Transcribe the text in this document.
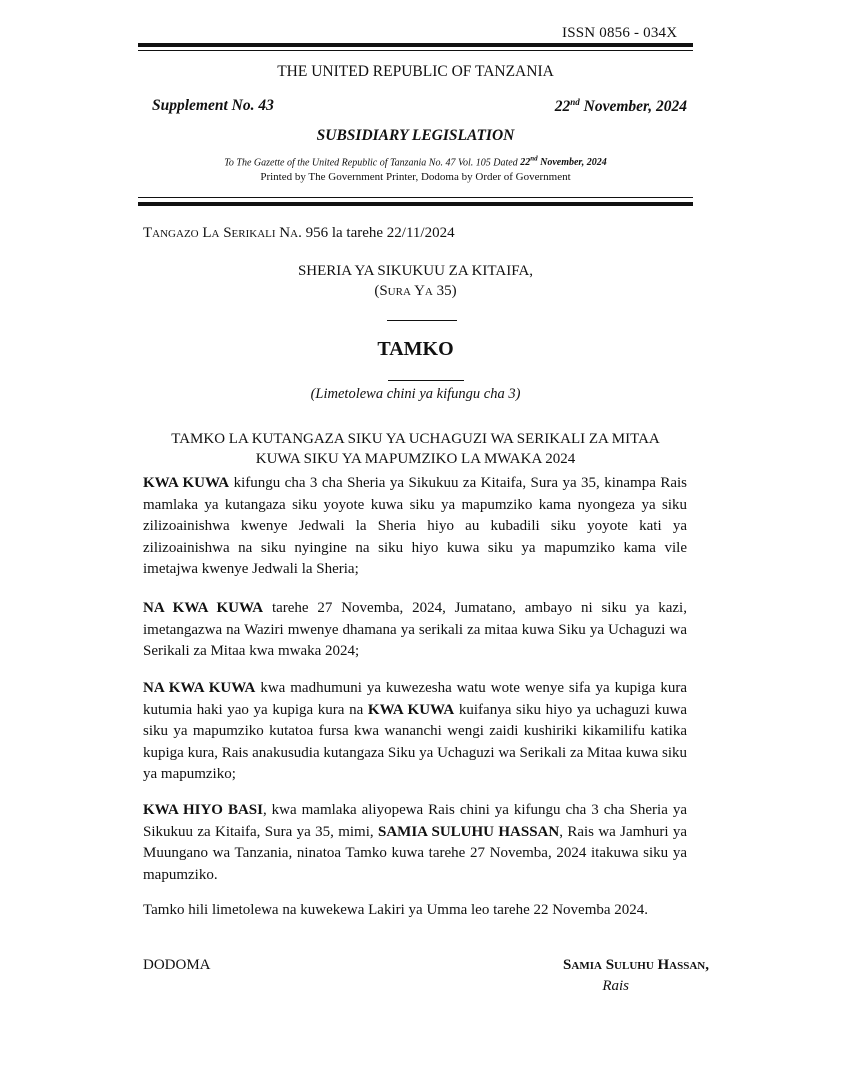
ISSN 0856 - 034X
THE UNITED REPUBLIC OF TANZANIA
Supplement No. 43	22nd November, 2024
SUBSIDIARY LEGISLATION
To The Gazette of the United Republic of Tanzania No. 47 Vol. 105 Dated 22nd November, 2024
Printed by The Government Printer, Dodoma by Order of Government
Tangazo La Serikali Na. 956 la tarehe 22/11/2024
SHERIA YA SIKUKUU ZA KITAIFA,
(Sura Ya 35)
TAMKO
(Limetolewa chini ya kifungu cha 3)
TAMKO LA KUTANGAZA SIKU YA UCHAGUZI WA SERIKALI ZA MITAA
KUWA SIKU YA MAPUMZIKO LA MWAKA 2024
KWA KUWA kifungu cha 3 cha Sheria ya Sikukuu za Kitaifa, Sura ya 35, kinampa Rais mamlaka ya kutangaza siku yoyote kuwa siku ya mapumziko kama nyongeza ya siku zilizoainishwa kwenye Jedwali la Sheria hiyo au kubadili siku yoyote kati ya zilizoainishwa na siku nyingine na siku hiyo kuwa siku ya mapumziko kama vile imetajwa kwenye Jedwali la Sheria;
NA KWA KUWA tarehe 27 Novemba, 2024, Jumatano, ambayo ni siku ya kazi, imetangazwa na Waziri mwenye dhamana ya serikali za mitaa kuwa Siku ya Uchaguzi wa Serikali za Mitaa kwa mwaka 2024;
NA KWA KUWA kwa madhumuni ya kuwezesha watu wote wenye sifa ya kupiga kura kutumia haki yao ya kupiga kura na KWA KUWA kuifanya siku hiyo ya uchaguzi kuwa siku ya mapumziko kutatoa fursa kwa wananchi wengi zaidi kushiriki kikamilifu katika kupiga kura, Rais anakusudia kutangaza Siku ya Uchaguzi wa Serikali za Mitaa kuwa siku ya mapumziko;
KWA HIYO BASI, kwa mamlaka aliyopewa Rais chini ya kifungu cha 3 cha Sheria ya Sikukuu za Kitaifa, Sura ya 35, mimi, SAMIA SULUHU HASSAN, Rais wa Jamhuri ya Muungano wa Tanzania, ninatoa Tamko kuwa tarehe 27 Novemba, 2024 itakuwa siku ya mapumziko.
Tamko hili limetolewa na kuwekewa Lakiri ya Umma leo tarehe 22 Novemba 2024.
DODOMA	Samia Suluhu Hassan,
Rais
